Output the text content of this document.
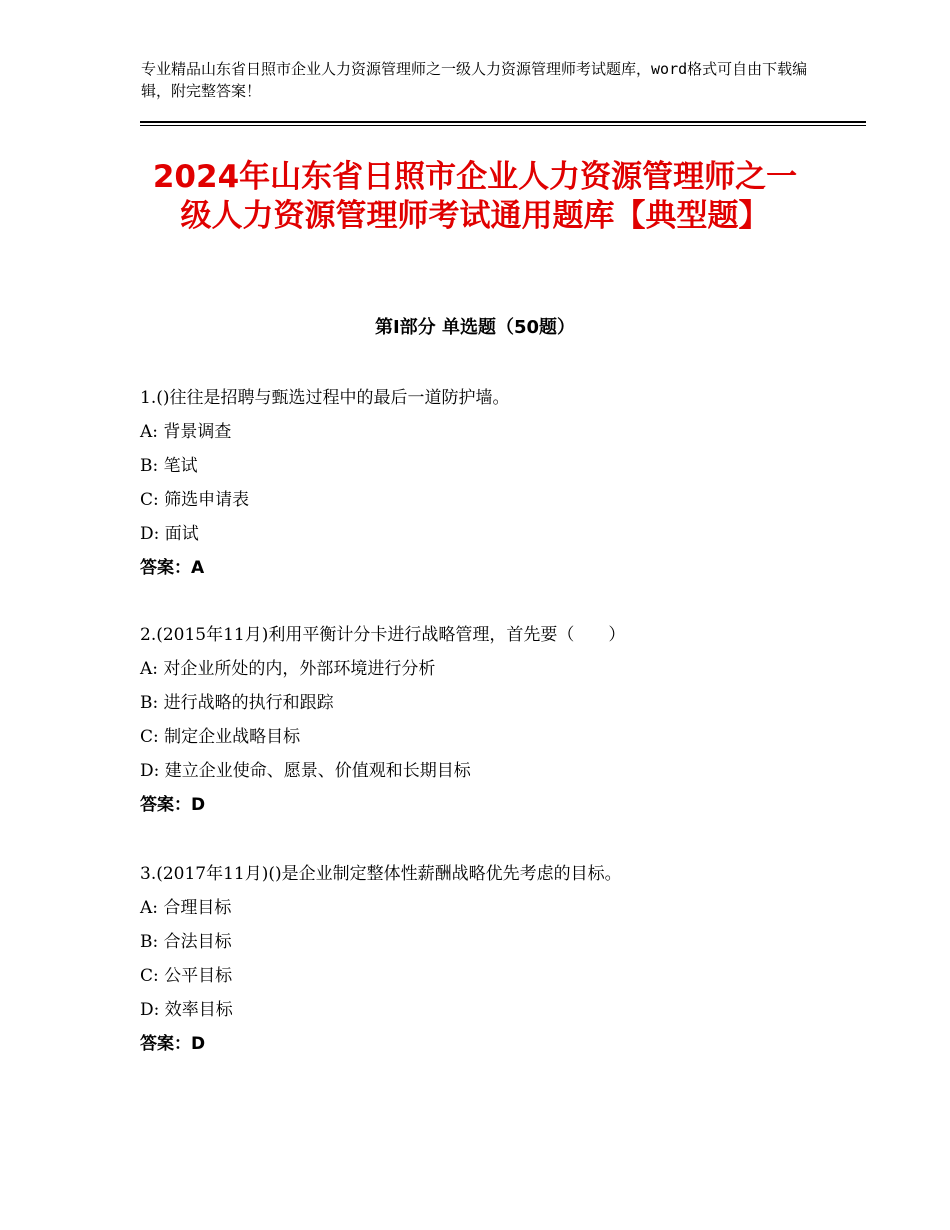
专业精品山东省日照市企业人力资源管理师之一级人力资源管理师考试题库，word格式可自由下载编辑，附完整答案！
2024年山东省日照市企业人力资源管理师之一级人力资源管理师考试通用题库【典型题】
第Ⅰ部分 单选题（50题）
1.()往往是招聘与甄选过程中的最后一道防护墙。
A: 背景调查
B: 笔试
C: 筛选申请表
D: 面试
答案：A
2.(2015年11月)利用平衡计分卡进行战略管理，首先要（　　）
A: 对企业所处的内，外部环境进行分析
B: 进行战略的执行和跟踪
C: 制定企业战略目标
D: 建立企业使命、愿景、价值观和长期目标
答案：D
3.(2017年11月)()是企业制定整体性薪酬战略优先考虑的目标。
A: 合理目标
B: 合法目标
C: 公平目标
D: 效率目标
答案：D
